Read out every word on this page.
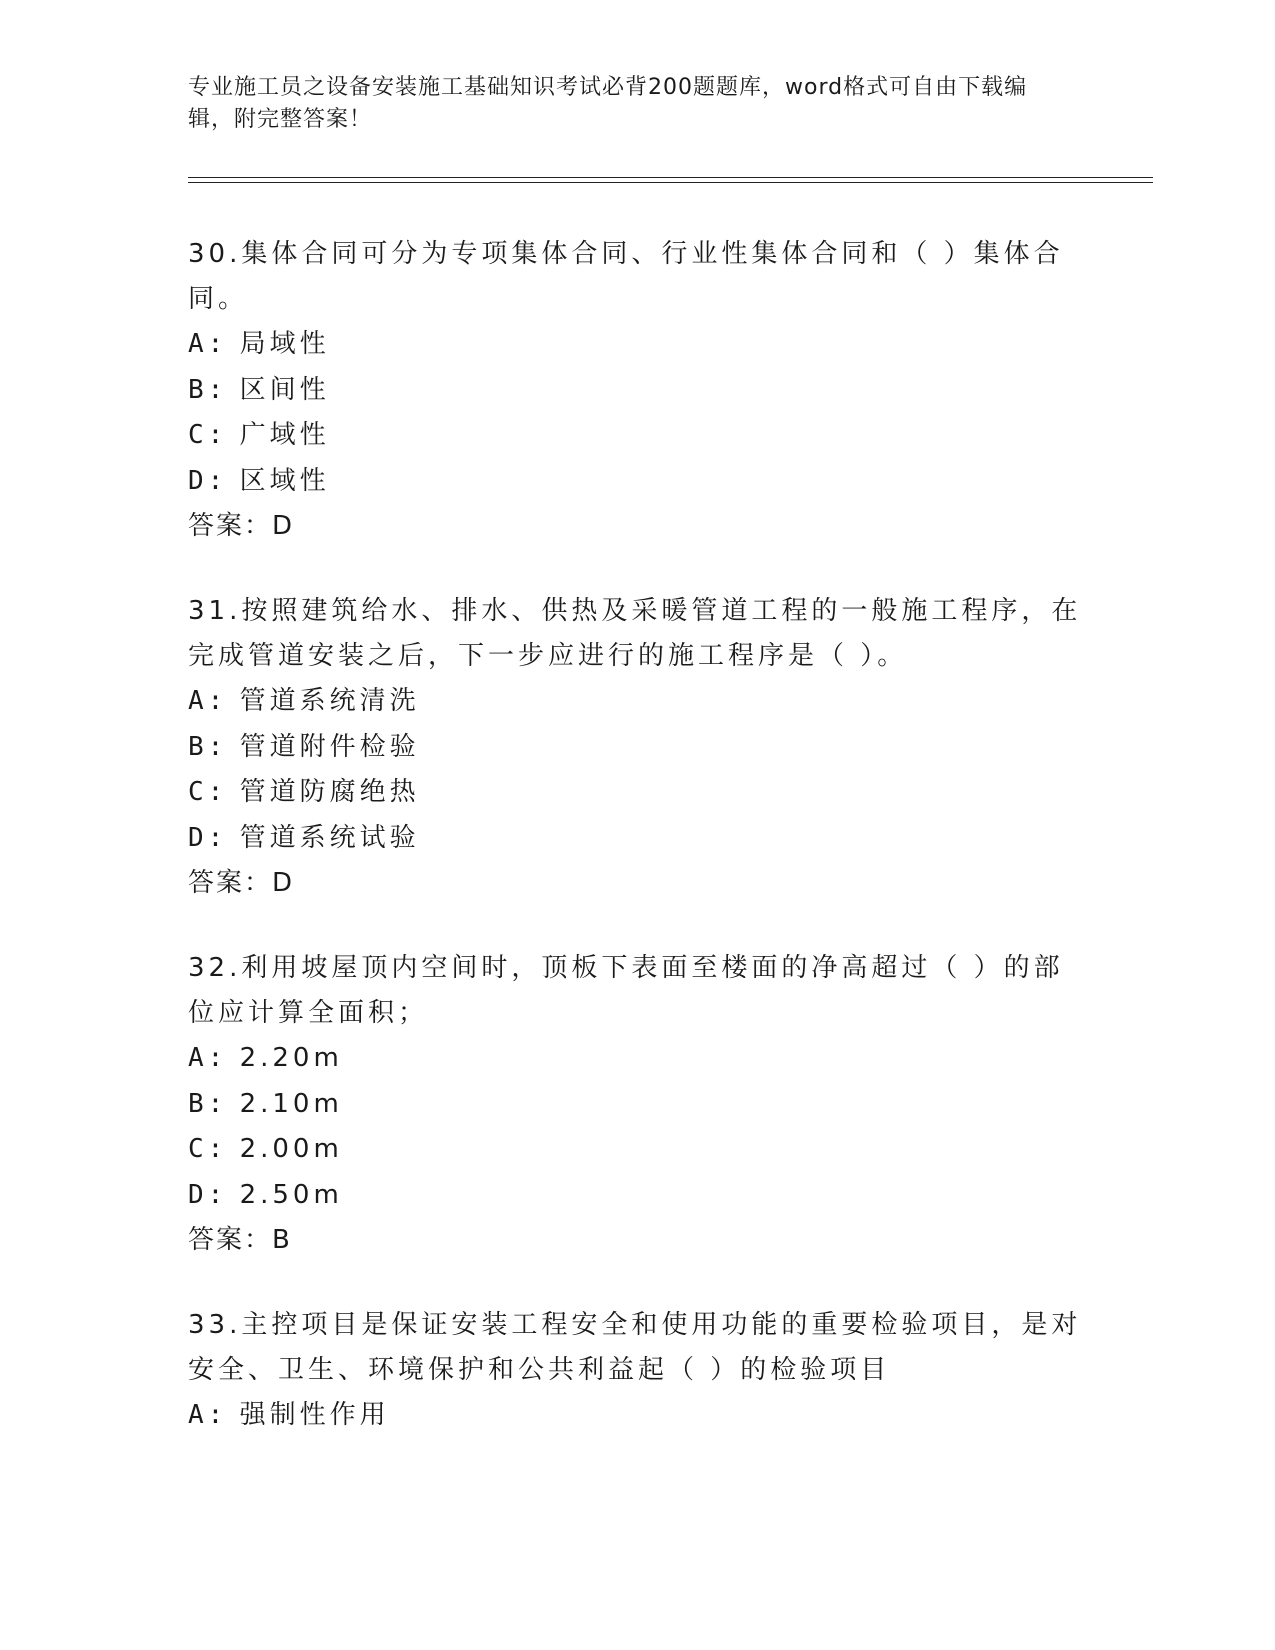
专业施工员之设备安装施工基础知识考试必背200题题库，word格式可自由下载编辑，附完整答案！
30.集体合同可分为专项集体合同、行业性集体合同和（ ）集体合同。
A: 局域性
B: 区间性
C: 广域性
D: 区域性
答案：D
31.按照建筑给水、排水、供热及采暖管道工程的一般施工程序，在完成管道安装之后，下一步应进行的施工程序是（ ）。
A: 管道系统清洗
B: 管道附件检验
C: 管道防腐绝热
D: 管道系统试验
答案：D
32.利用坡屋顶内空间时，顶板下表面至楼面的净高超过（ ）的部位应计算全面积；
A: 2.20m
B: 2.10m
C: 2.00m
D: 2.50m
答案：B
33.主控项目是保证安装工程安全和使用功能的重要检验项目，是对安全、卫生、环境保护和公共利益起（ ）的检验项目
A: 强制性作用
